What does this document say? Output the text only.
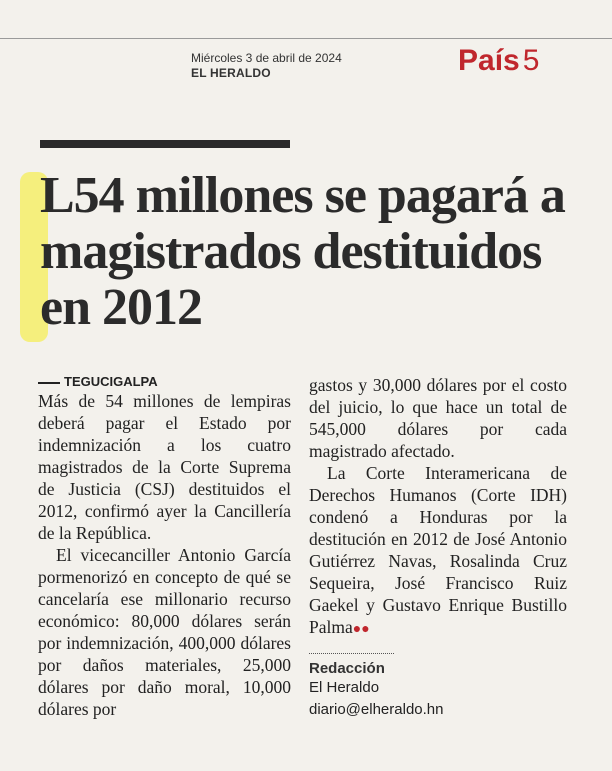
Miércoles 3 de abril de 2024
EL HERALDO	País 5
L54 millones se pagará a magistrados destituidos en 2012
TEGUCIGALPA

Más de 54 millones de lempiras deberá pagar el Estado por indemnización a los cuatro magistrados de la Corte Suprema de Justicia (CSJ) destituidos el 2012, confirmó ayer la Cancillería de la República.

El vicecanciller Antonio García pormenorizó en concepto de qué se cancelaría ese millonario recurso económico: 80,000 dólares serán por indemnización, 400,000 dólares por daños materiales, 25,000 dólares por daño moral, 10,000 dólares por

gastos y 30,000 dólares por el costo del juicio, lo que hace un total de 545,000 dólares por cada magistrado afectado.

La Corte Interamericana de Derechos Humanos (Corte IDH) condenó a Honduras por la destitución en 2012 de José Antonio Gutiérrez Navas, Rosalinda Cruz Sequeira, José Francisco Ruiz Gaekel y Gustavo Enrique Bustillo Palma●●

Redacción
El Heraldo
diario@elheraldo.hn
